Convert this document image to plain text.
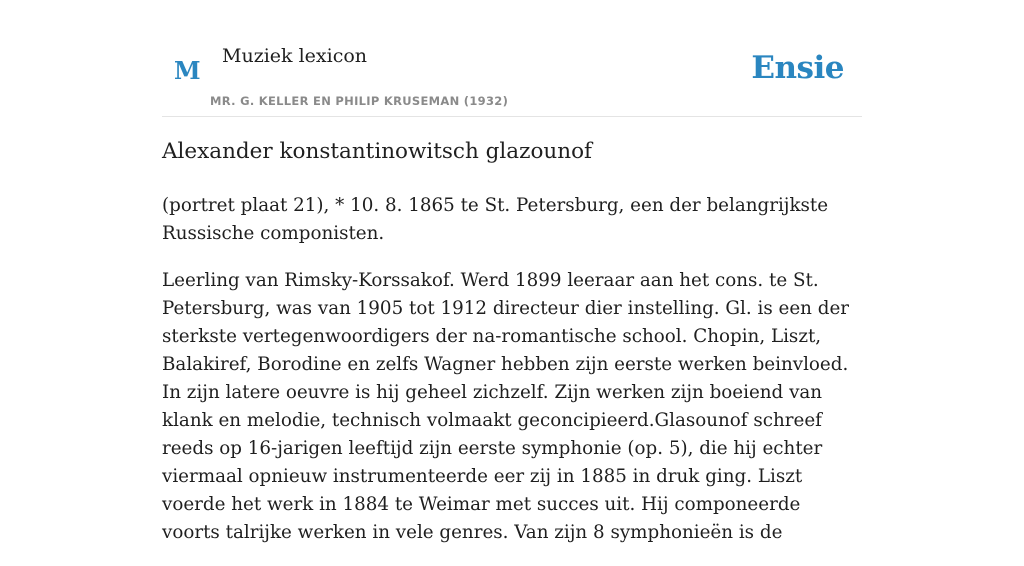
M Muziek lexicon
MR. G. KELLER EN PHILIP KRUSEMAN (1932)
Ensie
Alexander konstantinowitsch glazounof

(portret plaat 21), * 10. 8. 1865 te St. Petersburg, een der belangrijkste Russische componisten.

Leerling van Rimsky-Korssakof. Werd 1899 leeraar aan het cons. te St. Petersburg, was van 1905 tot 1912 directeur dier instelling. Gl. is een der sterkste vertegenwoordigers der na-romantische school. Chopin, Liszt, Balakiref, Borodine en zelfs Wagner hebben zijn eerste werken beinvloed. In zijn latere oeuvre is hij geheel zichzelf. Zijn werken zijn boeiend van klank en melodie, technisch volmaakt geconcipieerd.Glasounof schreef reeds op 16-jarigen leeftijd zijn eerste symphonie (op. 5), die hij echter viermaal opnieuw instrumenteerde eer zij in 1885 in druk ging. Liszt voerde het werk in 1884 te Weimar met succes uit. Hij componeerde voorts talrijke werken in vele genres. Van zijn 8 symphonieën is de
